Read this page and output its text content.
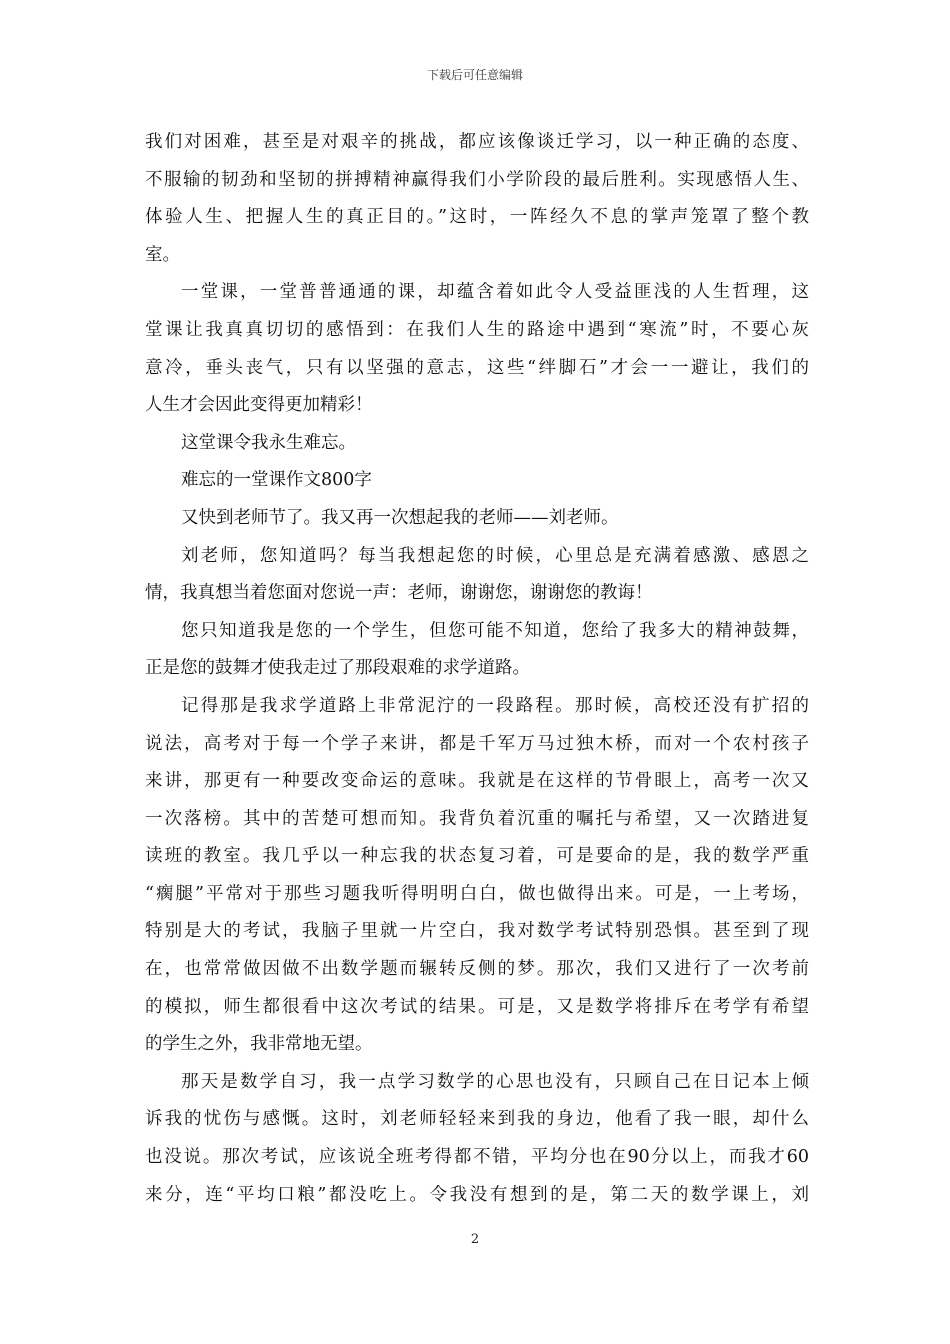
下载后可任意编辑
我们对困难，甚至是对艰辛的挑战，都应该像谈迁学习，以一种正确的态度、
不服输的韧劲和坚韧的拼搏精神赢得我们小学阶段的最后胜利。实现感悟人生、
体验人生、把握人生的真正目的。”这时，一阵经久不息的掌声笼罩了整个教
室。
一堂课，一堂普普通通的课，却蕴含着如此令人受益匪浅的人生哲理，这
堂课让我真真切切的感悟到：在我们人生的路途中遇到“寒流”时，不要心灰
意冷，垂头丧气，只有以坚强的意志，这些“绊脚石”才会一一避让，我们的
人生才会因此变得更加精彩！
这堂课令我永生难忘。
难忘的一堂课作文800字
又快到老师节了。我又再一次想起我的老师——刘老师。
刘老师，您知道吗？每当我想起您的时候，心里总是充满着感激、感恩之
情，我真想当着您面对您说一声：老师，谢谢您，谢谢您的教诲！
您只知道我是您的一个学生，但您可能不知道，您给了我多大的精神鼓舞，
正是您的鼓舞才使我走过了那段艰难的求学道路。
记得那是我求学道路上非常泥泞的一段路程。那时候，高校还没有扩招的
说法，高考对于每一个学子来讲，都是千军万马过独木桥，而对一个农村孩子
来讲，那更有一种要改变命运的意味。我就是在这样的节骨眼上，高考一次又
一次落榜。其中的苦楚可想而知。我背负着沉重的嘱托与希望，又一次踏进复
读班的教室。我几乎以一种忘我的状态复习着，可是要命的是，我的数学严重
“瘸腿”平常对于那些习题我听得明明白白，做也做得出来。可是，一上考场，
特别是大的考试，我脑子里就一片空白，我对数学考试特别恐惧。甚至到了现
在，也常常做因做不出数学题而辗转反侧的梦。那次，我们又进行了一次考前
的模拟，师生都很看中这次考试的结果。可是，又是数学将排斥在考学有希望
的学生之外，我非常地无望。
那天是数学自习，我一点学习数学的心思也没有，只顾自己在日记本上倾
诉我的忧伤与感慨。这时，刘老师轻轻来到我的身边，他看了我一眼，却什么
也没说。那次考试，应该说全班考得都不错，平均分也在90分以上，而我才60
来分，连“平均口粮”都没吃上。令我没有想到的是，第二天的数学课上，刘
2
